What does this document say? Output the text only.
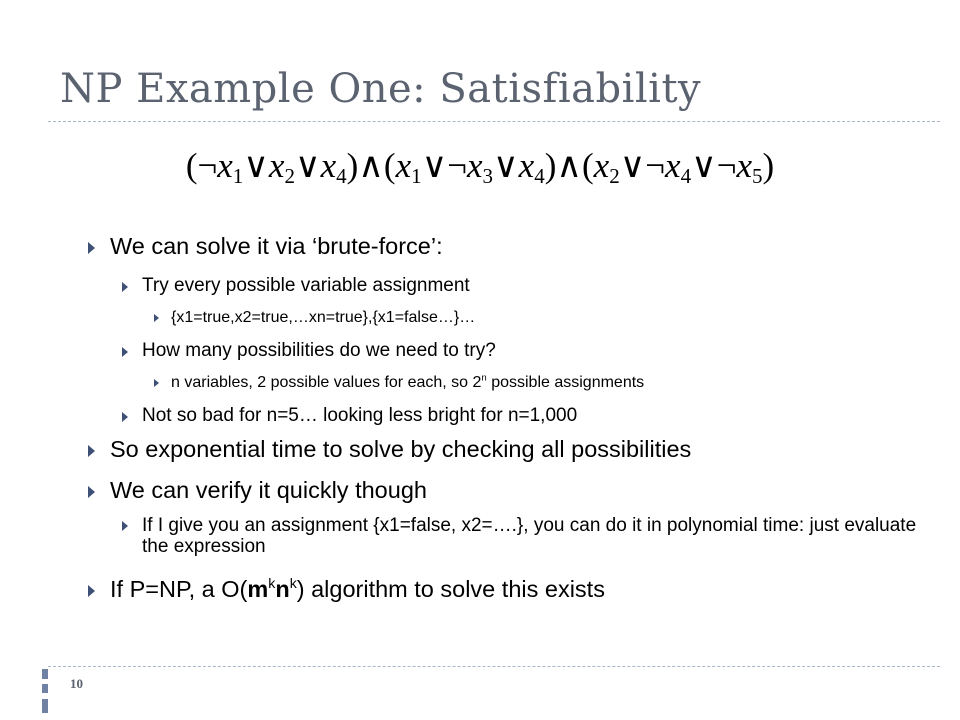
NP Example One: Satisfiability
$(\neg x_1\vee x_2\vee x_4)\wedge(x_1\vee\neg x_3\vee x_4)\wedge(x_2\vee\neg x_4\vee\neg x_5)$
We can solve it via ‘brute-force’:
Try every possible variable assignment
{x1=true,x2=true,…xn=true},{x1=false…}…
How many possibilities do we need to try?
n variables, 2 possible values for each, so 2$^n$ possible assignments
Not so bad for n=5… looking less bright for n=1,000
So exponential time to solve by checking all possibilities
We can verify it quickly though
If I give you an assignment {x1=false, x2=….}, you can do it in polynomial time: just evaluate the expression
If P=NP, a $O(m^kn^k)$ algorithm to solve this exists
10
